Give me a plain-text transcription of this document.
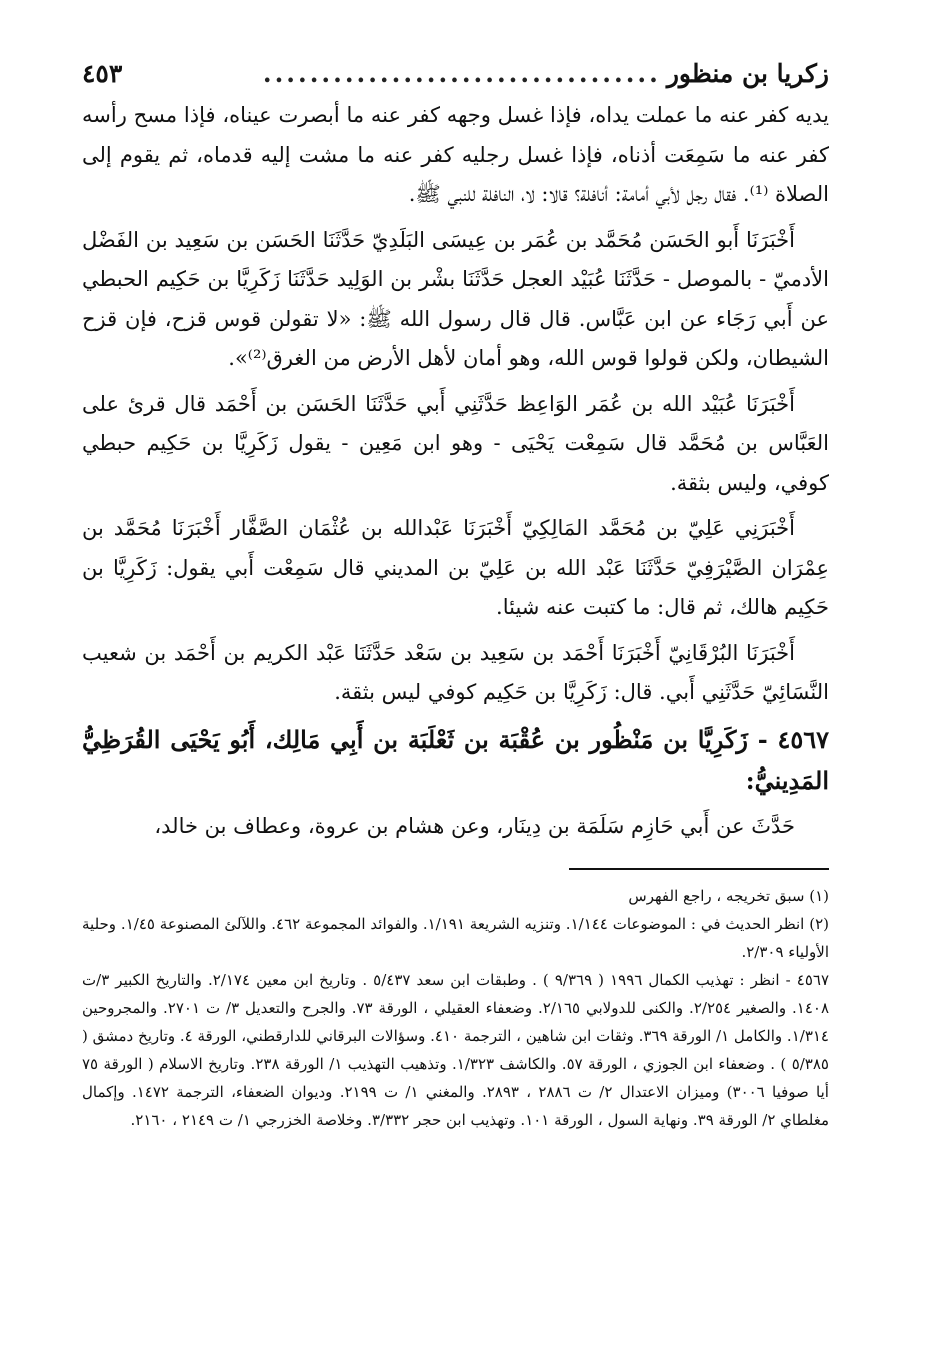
زكريا بن منظور
..................................
٤٥٣

يديه كفر عنه ما عملت يداه، فإذا غسل وجهه كفر عنه ما أبصرت عيناه، فإذا مسح رأسه كفر عنه ما سَمِعَت أذناه، فإذا غسل رجليه كفر عنه ما مشت إليه قدماه، ثم يقوم إلى الصلاة ⁽¹⁾. فقال رجل لأبي أمامة: أنافلة؟ قالا: لا، النافلة للنبي ﷺ.

أَخْبَرَنَا أَبو الحَسَن مُحَمَّد بن عُمَر بن عِيسَى البَلَدِيّ حَدَّثَنَا الحَسَن بن سَعِيد بن الفَضْل الأدميّ - بالموصل - حَدَّثَنَا عُبَيْد العجل حَدَّثَنَا بشْر بن الوَلِيد حَدَّثَنَا زَكَرِيَّا بن حَكِيم الحبطي عن أَبي رَجَاء عن ابن عَبَّاس. قال قال رسول الله ﷺ: «لا تقولن قوس قزح، فإن قزح الشيطان، ولكن قولوا قوس الله، وهو أمان لأهل الأرض من الغرق⁽²⁾».

أَخْبَرَنَا عُبَيْد الله بن عُمَر الوَاعِظ حَدَّثَنِي أَبي حَدَّثَنَا الحَسَن بن أَحْمَد قال قرئ على العَبَّاس بن مُحَمَّد قال سَمِعْت يَحْيَى - وهو ابن مَعِين - يقول زَكَرِيَّا بن حَكِيم حبطي كوفي، وليس بثقة.

أَخْبَرَنِي عَلِيّ بن مُحَمَّد المَالِكِيّ أَخْبَرَنَا عَبْدالله بن عُثْمَان الصَّفَّار أَخْبَرَنَا مُحَمَّد بن عِمْرَان الصَّيْرَفِيّ حَدَّثَنَا عَبْد الله بن عَلِيّ بن المديني قال سَمِعْت أَبي يقول: زَكَرِيَّا بن حَكِيم هالك، ثم قال: ما كتبت عنه شيئا.

أَخْبَرَنَا البُرْقَانِيّ أَخْبَرَنَا أَحْمَد بن سَعِيد بن سَعْد حَدَّثَنَا عَبْد الكريم بن أَحْمَد بن شعيب النَّسَائِيّ حَدَّثَنِي أَبي. قال: زَكَرِيَّا بن حَكِيم كوفي ليس بثقة.

٤٥٦٧ - زَكَرِيَّا بن مَنْظُور بن عُقْبَة بن ثَعْلَبَة بن أَبِي مَالِك، أَبُو يَحْيَى القُرَظِيُّ المَدِينيُّ:

حَدَّثَ عن أَبي حَازِم سَلَمَة بن دِينَار، وعن هشام بن عروة، وعطاف بن خالد،

(١) سبق تخريجه ، راجع الفهرس

(٢) انظر الحديث في : الموضوعات ١/١٤٤. وتنزيه الشريعة ١/١٩١. والفوائد المجموعة ٤٦٢. واللآلئ المصنوعة ١/٤٥. وحلية الأولياء ٢/٣٠٩.

٤٥٦٧ - انظر : تهذيب الكمال ١٩٩٦ ( ٩/٣٦٩ ) . وطبقات ابن سعد ٥/٤٣٧ . وتاريخ ابن معين ٢/١٧٤. والتاريخ الكبير ٣/ت ١٤٠٨. والصغير ٢/٢٥٤. والكنى للدولابي ٢/١٦٥. وضعفاء العقيلي ، الورقة ٧٣. والجرح والتعديل ٣/ ت ٢٧٠١. والمجروحين ١/٣١٤. والكامل ١/ الورقة ٣٦٩. وثقات ابن شاهين ، الترجمة ٤١٠. وسؤالات البرقاني للدارقطني، الورقة ٤. وتاريخ دمشق ( ٥/٣٨٥ ) . وضعفاء ابن الجوزي ، الورقة ٥٧. والكاشف ١/٣٢٣. وتذهيب التهذيب ١/ الورقة ٢٣٨. وتاريخ الاسلام ( الورقة ٧٥ أيا صوفيا ٣٠٠٦) وميزان الاعتدال ٢/ ت ٢٨٨٦ ، ٢٨٩٣. والمغني ١/ ت ٢١٩٩. وديوان الضعفاء، الترجمة ١٤٧٢. وإكمال مغلطاي ٢/ الورقة ٣٩. ونهاية السول ، الورقة ١٠١. وتهذيب ابن حجر ٣/٣٣٢. وخلاصة الخزرجي ١/ ت ٢١٤٩ ، ٢١٦٠.
